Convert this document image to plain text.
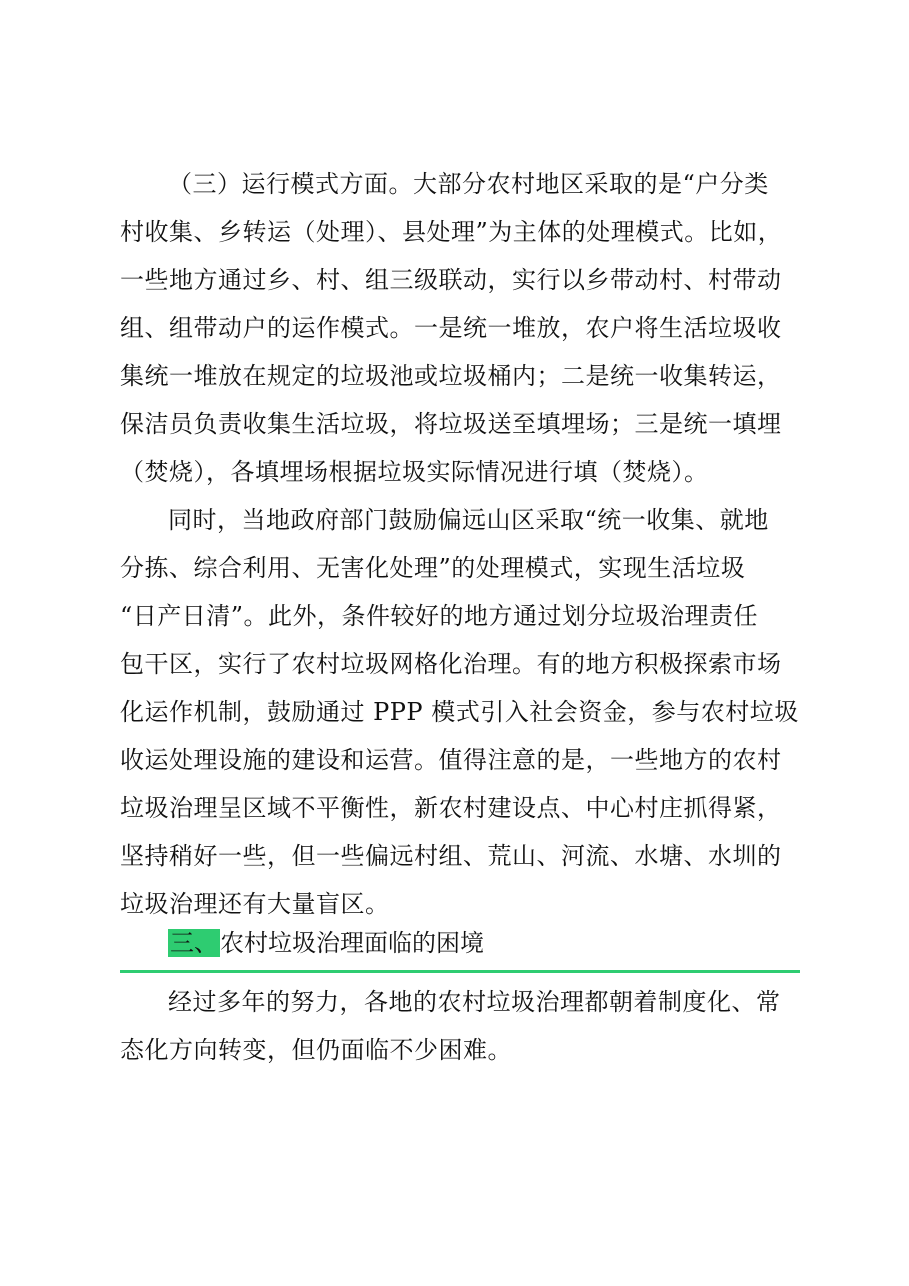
（三）运行模式方面。大部分农村地区采取的是“户分类
村收集、乡转运（处理）、县处理”为主体的处理模式。比如，
一些地方通过乡、村、组三级联动，实行以乡带动村、村带动
组、组带动户的运作模式。一是统一堆放，农户将生活垃圾收
集统一堆放在规定的垃圾池或垃圾桶内；二是统一收集转运，
保洁员负责收集生活垃圾，将垃圾送至填埋场；三是统一填埋
（焚烧），各填埋场根据垃圾实际情况进行填（焚烧）。
同时，当地政府部门鼓励偏远山区采取“统一收集、就地
分拣、综合利用、无害化处理”的处理模式，实现生活垃圾
“日产日清”。此外，条件较好的地方通过划分垃圾治理责任
包干区，实行了农村垃圾网格化治理。有的地方积极探索市场
化运作机制，鼓励通过 PPP 模式引入社会资金，参与农村垃圾
收运处理设施的建设和运营。值得注意的是，一些地方的农村
垃圾治理呈区域不平衡性，新农村建设点、中心村庄抓得紧，
坚持稍好一些，但一些偏远村组、荒山、河流、水塘、水圳的
垃圾治理还有大量盲区。
三、农村垃圾治理面临的困境
经过多年的努力，各地的农村垃圾治理都朝着制度化、常
态化方向转变，但仍面临不少困难。
